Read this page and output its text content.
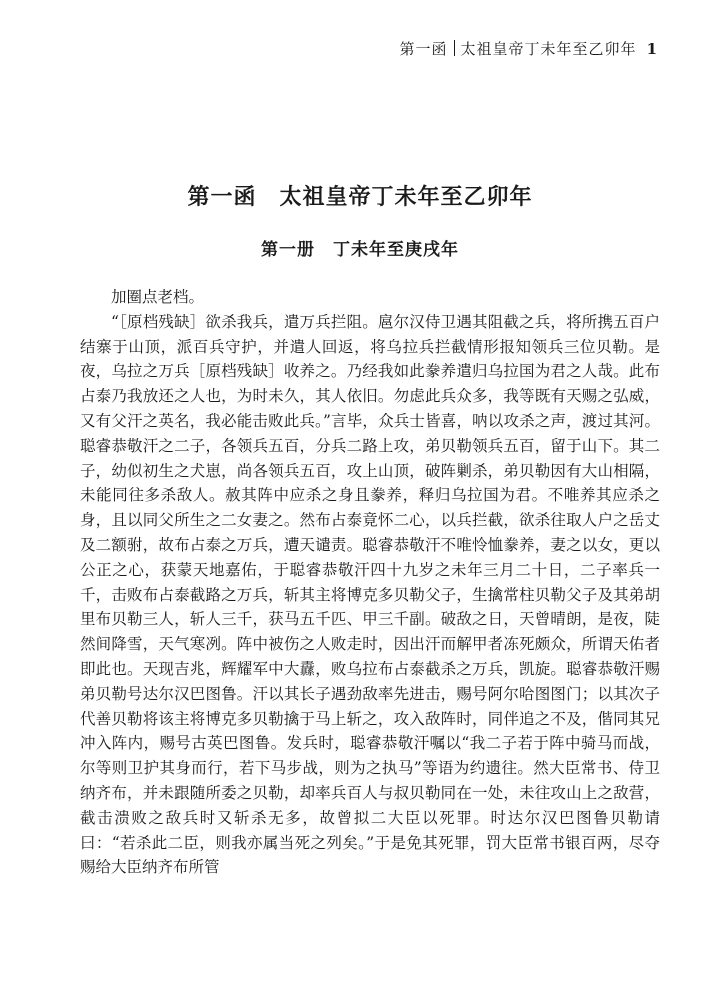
第一函 太祖皇帝丁未年至乙卯年 1
第一函　太祖皇帝丁未年至乙卯年
第一册　丁未年至庚戌年

加圈点老档。

“［原档残缺］欲杀我兵，遣万兵拦阻。扈尔汉侍卫遇其阻截之兵，将所携五百户结寨于山顶，派百兵守护，并遣人回返，将乌拉兵拦截情形报知领兵三位贝勒。是夜，乌拉之万兵［原档残缺］收养之。乃经我如此豢养遣归乌拉国为君之人哉。此布占泰乃我放还之人也，为时未久，其人依旧。勿虑此兵众多，我等既有天赐之弘威，又有父汗之英名，我必能击败此兵。”言毕，众兵士皆喜，呐以攻杀之声，渡过其河。聪睿恭敬汗之二子，各领兵五百，分兵二路上攻，弟贝勒领兵五百，留于山下。其二子，幼似初生之犬崽，尚各领兵五百，攻上山顶，破阵剿杀，弟贝勒因有大山相隔，未能同往多杀敌人。赦其阵中应杀之身且豢养，释归乌拉国为君。不唯养其应杀之身，且以同父所生之二女妻之。然布占泰竟怀二心，以兵拦截，欲杀往取人户之岳丈及二额驸，故布占泰之万兵，遭天谴责。聪睿恭敬汗不唯怜恤豢养，妻之以女，更以公正之心，获蒙天地嘉佑，于聪睿恭敬汗四十九岁之未年三月二十日，二子率兵一千，击败布占泰截路之万兵，斩其主将博克多贝勒父子，生擒常柱贝勒父子及其弟胡里布贝勒三人，斩人三千，获马五千匹、甲三千副。破敌之日，天曾晴朗，是夜，陡然间降雪，天气寒冽。阵中被伤之人败走时，因出汗而解甲者冻死颇众，所谓天佑者即此也。天现吉兆，辉耀军中大纛，败乌拉布占泰截杀之万兵，凯旋。聪睿恭敬汗赐弟贝勒号达尔汉巴图鲁。汗以其长子遇劲敌率先进击，赐号阿尔哈图图门；以其次子代善贝勒将该主将博克多贝勒擒于马上斩之，攻入敌阵时，同伴追之不及，偕同其兄冲入阵内，赐号古英巴图鲁。发兵时，聪睿恭敬汗嘱以“我二子若于阵中骑马而战，尔等则卫护其身而行，若下马步战，则为之执马”等语为约遗往。然大臣常书、侍卫纳齐布，并未跟随所委之贝勒，却率兵百人与叔贝勒同在一处，未往攻山上之敌营，截击溃败之敌兵时又斩杀无多，故曾拟二大臣以死罪。时达尔汉巴图鲁贝勒请曰：“若杀此二臣，则我亦属当死之列矣。”于是免其死罪，罚大臣常书银百两，尽夺赐给大臣纳齐布所管
